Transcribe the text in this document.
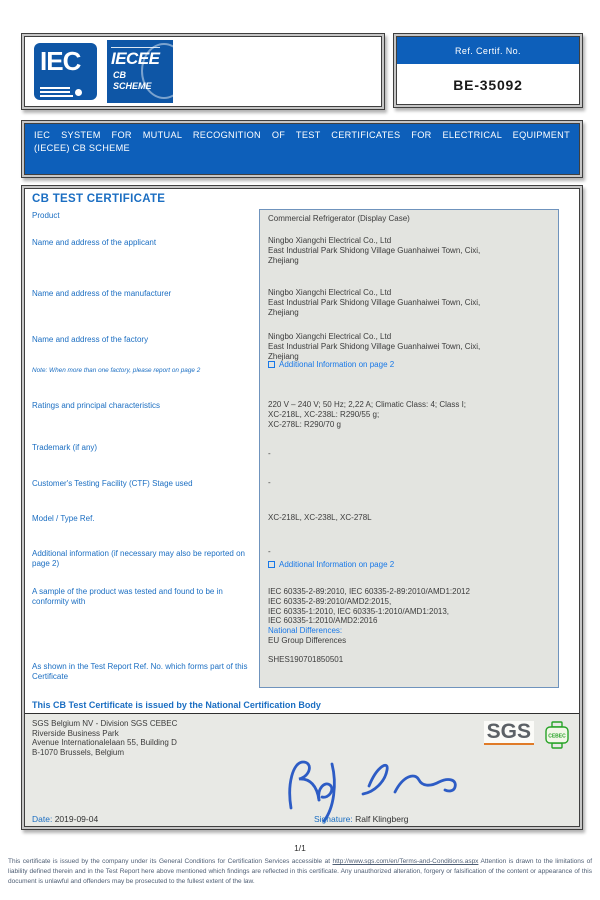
IEC IECEE
CB
SCHEME
Ref. Certif. No.
BE-35092
IEC SYSTEM FOR MUTUAL RECOGNITION OF TEST CERTIFICATES FOR ELECTRICAL EQUIPMENT
(IECEE) CB SCHEME
CB TEST CERTIFICATE
Product
Name and address of the applicant
Name and address of the manufacturer
Name and address of the factory
Note: When more than one factory, please report on page 2
Ratings and principal characteristics
Trademark (if any)
Customer's Testing Facility (CTF) Stage used
Model / Type Ref.
Additional information (if necessary may also be reported on page 2)
A sample of the product was tested and found to be in conformity with
As shown in the Test Report Ref. No. which forms part of this Certificate
Commercial Refrigerator (Display Case)
Ningbo Xiangchi Electrical Co., Ltd
East Industrial Park Shidong Village Guanhaiwei Town, Cixi,
Zhejiang
Ningbo Xiangchi Electrical Co., Ltd
East Industrial Park Shidong Village Guanhaiwei Town, Cixi,
Zhejiang
Ningbo Xiangchi Electrical Co., Ltd
East Industrial Park Shidong Village Guanhaiwei Town, Cixi,
Zhejiang
Additional Information on page 2
220 V – 240 V; 50 Hz; 2,22 A; Climatic Class: 4; Class I;
XC-218L, XC-238L: R290/55 g;
XC-278L: R290/70 g
-
-
XC-218L, XC-238L, XC-278L
-
Additional Information on page 2
IEC 60335-2-89:2010, IEC 60335-2-89:2010/AMD1:2012
IEC 60335-2-89:2010/AMD2:2015,
IEC 60335-1:2010, IEC 60335-1:2010/AMD1:2013,
IEC 60335-1:2010/AMD2:2016
National Differences:
EU Group Differences
SHES190701850501
This CB Test Certificate is issued by the National Certification Body
SGS Belgium NV - Division SGS CEBEC
Riverside Business Park
Avenue Internationalelaan 55, Building D
B-1070 Brussels, Belgium
SGS	CEBEC
Date: 2019-09-04	Signature: Ralf Klingberg
1/1
This certificate is issued by the company under its General Conditions for Certification Services accessible at http://www.sgs.com/en/Terms-and-Conditions.aspx Attention is drawn to the limitations of liability defined therein and in the Test Report here above mentioned which findings are reflected in this certificate. Any unauthorized alteration, forgery or falsification of the content or appearance of this document is unlawful and offenders may be prosecuted to the fullest extent of the law.
